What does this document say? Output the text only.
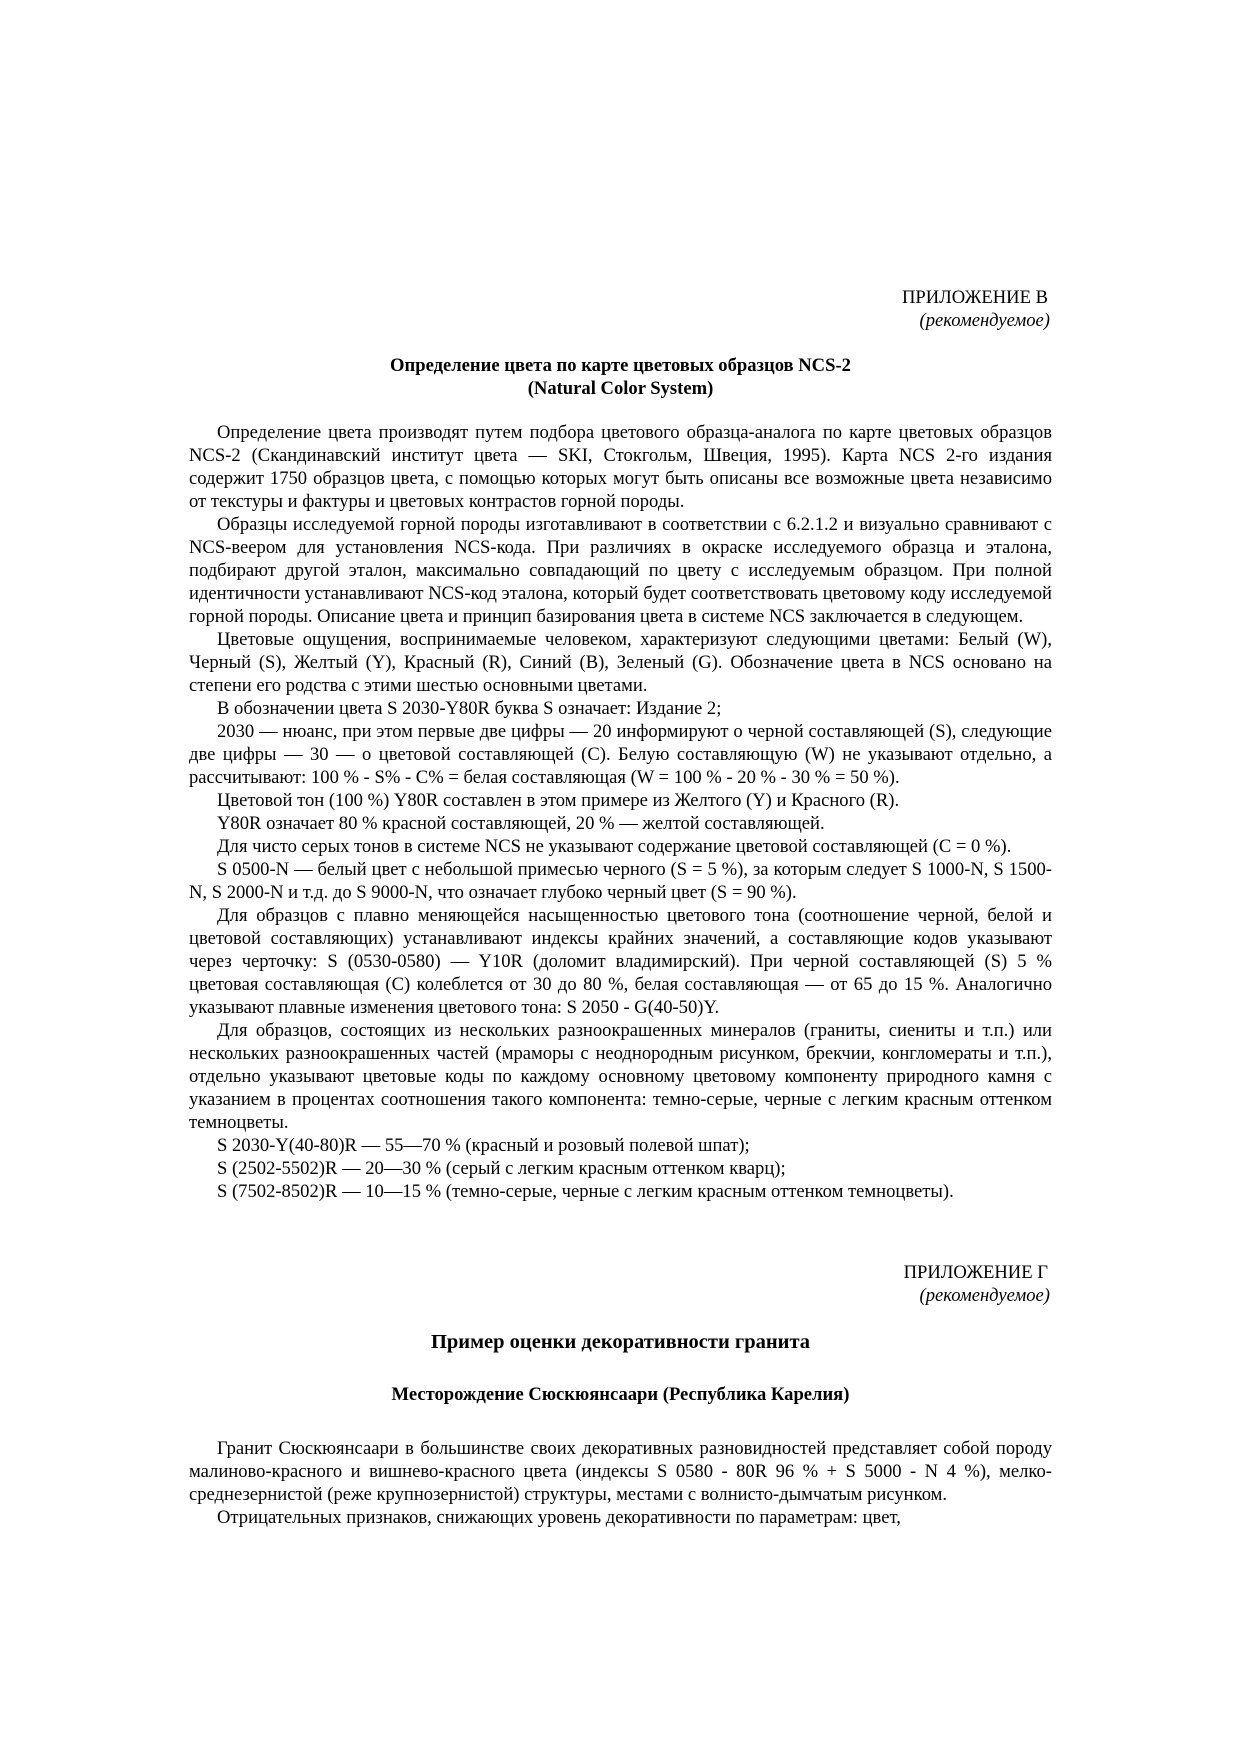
ПРИЛОЖЕНИЕ В

(рекомендуемое)

Определение цвета по карте цветовых образцов NCS-2

(Natural Color System)

Определение цвета производят путем подбора цветового образца-аналога по карте цветовых образцов NCS-2 (Скандинавский институт цвета — SKI, Стокгольм, Швеция, 1995). Карта NCS 2-го издания содержит 1750 образцов цвета, с помощью которых могут быть описаны все возможные цвета независимо от текстуры и фактуры и цветовых контрастов горной породы.

Образцы исследуемой горной породы изготавливают в соответствии с 6.2.1.2 и визуально сравнивают с NCS-веером для установления NCS-кода. При различиях в окраске исследуемого образца и эталона, подбирают другой эталон, максимально совпадающий по цвету с исследуемым образцом. При полной идентичности устанавливают NCS-код эталона, который будет соответствовать цветовому коду исследуемой горной породы. Описание цвета и принцип базирования цвета в системе NCS заключается в следующем.

Цветовые ощущения, воспринимаемые человеком, характеризуют следующими цветами: Белый (W), Черный (S), Желтый (Y), Красный (R), Синий (B), Зеленый (G). Обозначение цвета в NCS основано на степени его родства с этими шестью основными цветами.

В обозначении цвета S 2030-Y80R буква S означает: Издание 2;

2030 — нюанс, при этом первые две цифры — 20 информируют о черной составляющей (S), следующие две цифры — 30 — о цветовой составляющей (С). Белую составляющую (W) не указывают отдельно, а рассчитывают: 100 % - S% - С% = белая составляющая (W = 100 % - 20 % - 30 % = 50 %).

Цветовой тон (100 %) Y80R составлен в этом примере из Желтого (Y) и Красного (R).

Y80R означает 80 % красной составляющей, 20 % — желтой составляющей.

Для чисто серых тонов в системе NCS не указывают содержание цветовой составляющей (С = 0 %).

S 0500-N — белый цвет с небольшой примесью черного (S = 5 %), за которым следует S 1000-N, S 1500-N, S 2000-N и т.д. до S 9000-N, что означает глубоко черный цвет (S = 90 %).

Для образцов с плавно меняющейся насыщенностью цветового тона (соотношение черной, белой и цветовой составляющих) устанавливают индексы крайних значений, а составляющие кодов указывают через черточку: S (0530-0580) — Y10R (доломит владимирский). При черной составляющей (S) 5 % цветовая составляющая (С) колеблется от 30 до 80 %, белая составляющая — от 65 до 15 %. Аналогично указывают плавные изменения цветового тона: S 2050 - G(40-50)Y.

Для образцов, состоящих из нескольких разноокрашенных минералов (граниты, сиениты и т.п.) или нескольких разноокрашенных частей (мраморы с неоднородным рисунком, брекчии, конгломераты и т.п.), отдельно указывают цветовые коды по каждому основному цветовому компоненту природного камня с указанием в процентах соотношения такого компонента: темно-серые, черные с легким красным оттенком темноцветы.

S 2030-Y(40-80)R — 55—70 % (красный и розовый полевой шпат);

S (2502-5502)R — 20—30 % (серый с легким красным оттенком кварц);

S (7502-8502)R — 10—15 % (темно-серые, черные с легким красным оттенком темноцветы).

ПРИЛОЖЕНИЕ Г

(рекомендуемое)

Пример оценки декоративности гранита

Месторождение Сюскюянсаари (Республика Карелия)

Гранит Сюскюянсаари в большинстве своих декоративных разновидностей представляет собой породу малиново-красного и вишнево-красного цвета (индексы S 0580 - 80R 96 % + S 5000 - N 4 %), мелко-среднезернистой (реже крупнозернистой) структуры, местами с волнисто-дымчатым рисунком.

Отрицательных признаков, снижающих уровень декоративности по параметрам: цвет,
